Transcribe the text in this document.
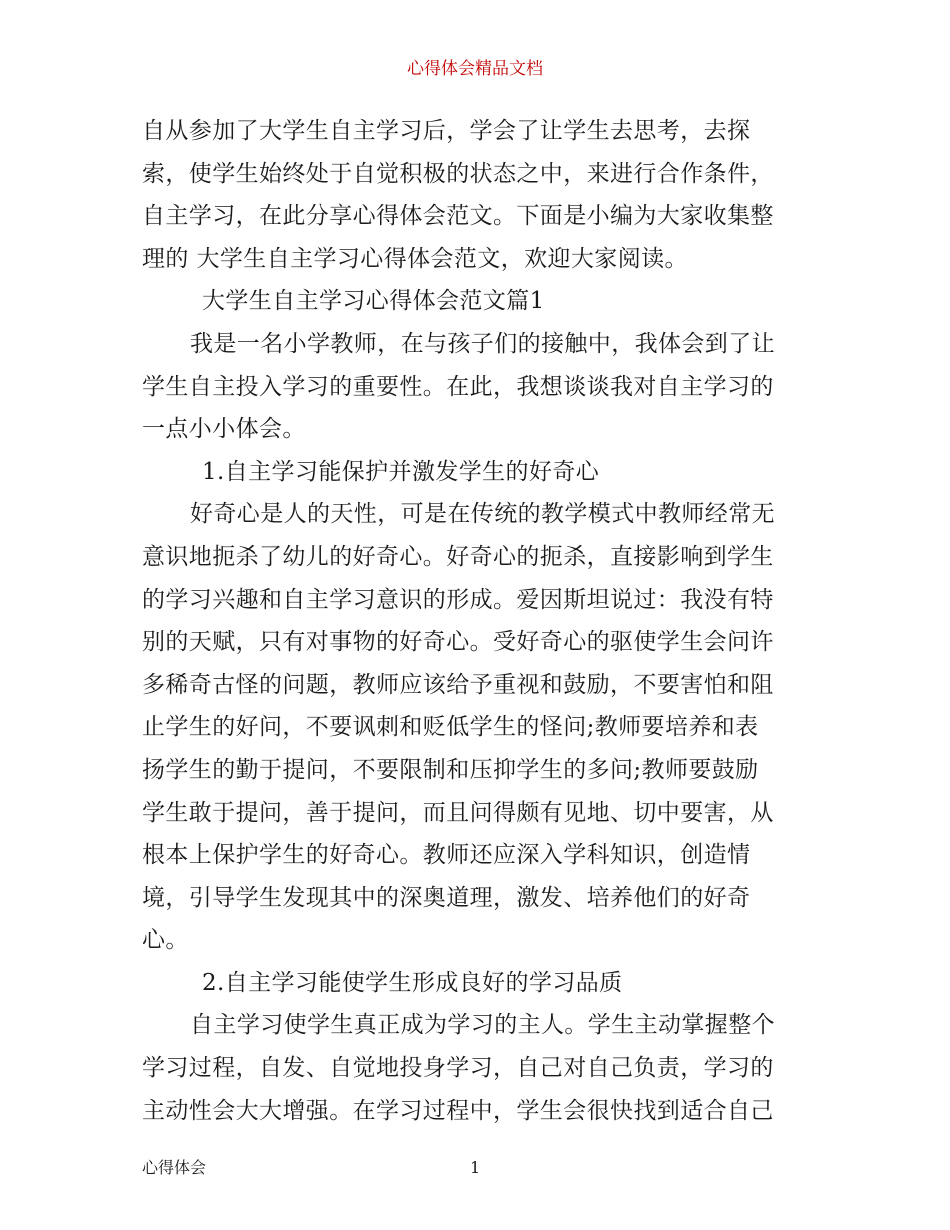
心得体会精品文档
自从参加了大学生自主学习后，学会了让学生去思考，去探
索，使学生始终处于自觉积极的状态之中，来进行合作条件，
自主学习，在此分享心得体会范文。下面是小编为大家收集整
理的 大学生自主学习心得体会范文，欢迎大家阅读。
大学生自主学习心得体会范文篇1
我是一名小学教师，在与孩子们的接触中，我体会到了让
学生自主投入学习的重要性。在此，我想谈谈我对自主学习的
一点小小体会。
1.自主学习能保护并激发学生的好奇心
好奇心是人的天性，可是在传统的教学模式中教师经常无
意识地扼杀了幼儿的好奇心。好奇心的扼杀，直接影响到学生
的学习兴趣和自主学习意识的形成。爱因斯坦说过：我没有特
别的天赋，只有对事物的好奇心。受好奇心的驱使学生会问许
多稀奇古怪的问题，教师应该给予重视和鼓励，不要害怕和阻
止学生的好问，不要讽刺和贬低学生的怪问;教师要培养和表
扬学生的勤于提问，不要限制和压抑学生的多问;教师要鼓励
学生敢于提问，善于提问，而且问得颇有见地、切中要害，从
根本上保护学生的好奇心。教师还应深入学科知识，创造情
境，引导学生发现其中的深奥道理，激发、培养他们的好奇
心。
2.自主学习能使学生形成良好的学习品质
自主学习使学生真正成为学习的主人。学生主动掌握整个
学习过程，自发、自觉地投身学习，自己对自己负责，学习的
主动性会大大增强。在学习过程中，学生会很快找到适合自己
心得体会	1
